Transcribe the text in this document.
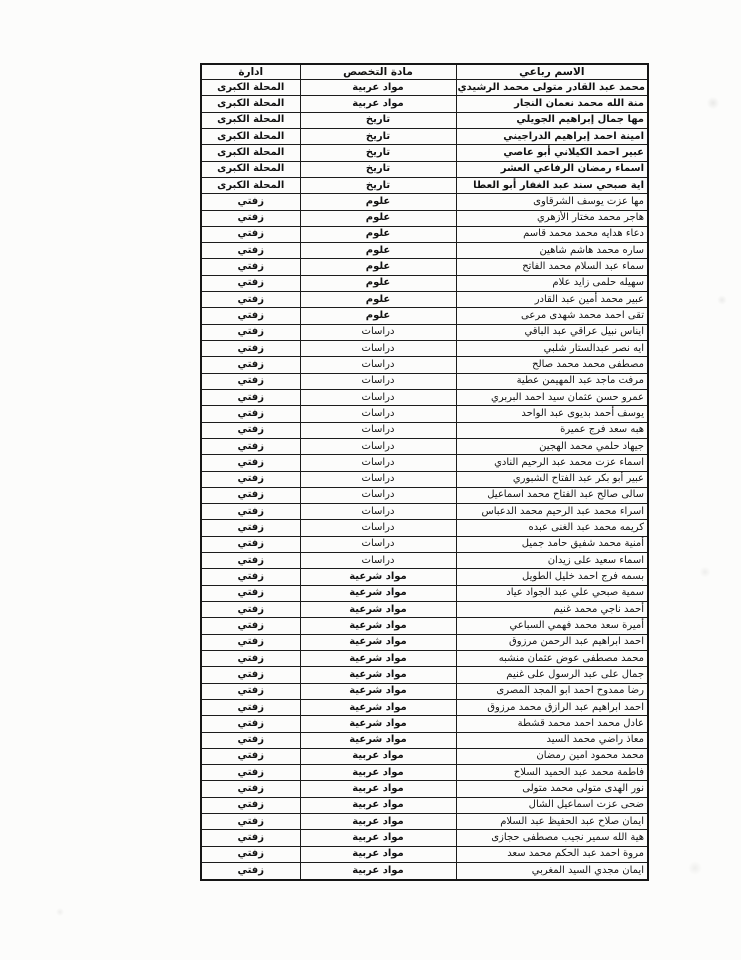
الاسم رباعي	مادة التخصص	ادارة
محمد عبد القادر متولى محمد الرشيدي	مواد عربية	المحلة الكبرى
منة الله محمد نعمان النجار	مواد عربية	المحلة الكبرى
مها جمال إبراهيم الجويلي	تاريخ	المحلة الكبرى
امينة احمد إبراهيم الدراجيني	تاريخ	المحلة الكبرى
عبير احمد الكيلاني أبو عاصي	تاريخ	المحلة الكبرى
اسماء رمضان الرفاعي العشر	تاريخ	المحلة الكبرى
اية صبحي سند عبد الغفار أبو العطا	تاريخ	المحلة الكبرى
مها عزت يوسف الشرقاوى	علوم	زفتي
هاجر محمد مختار الأزهري	علوم	زفتي
دعاء هدايه محمد محمد قاسم	علوم	زفتي
ساره محمد هاشم شاهين	علوم	زفتي
سماء عبد السلام محمد الفاتح	علوم	زفتي
سهيله حلمى زايد علام	علوم	زفتي
عبير محمد أمين عبد القادر	علوم	زفتي
تقى احمد محمد شهدى مرعى	علوم	زفتي
ايناس نبيل عراقي عبد الباقي	دراسات	زفتي
ايه نصر عبدالستار شلبي	دراسات	زفتي
مصطفى محمد محمد صالح	دراسات	زفتي
مرفت ماجد عبد المهيمن عطية	دراسات	زفتي
عمرو حسن عثمان سيد احمد البربري	دراسات	زفتي
يوسف أحمد بديوى عبد الواحد	دراسات	زفتي
هبه سعد فرج عميرة	دراسات	زفتي
جيهاد حلمي محمد الهجين	دراسات	زفتي
اسماء عزت محمد عبد الرحيم النادي	دراسات	زفتي
عبير أبو بكر عبد الفتاح الشبوري	دراسات	زفتي
سالى صالح عبد الفتاح محمد اسماعيل	دراسات	زفتي
اسراء محمد عبد الرحيم محمد الدعباس	دراسات	زفتي
كريمه محمد عبد الغنى عبده	دراسات	زفتي
أمنية محمد شفيق حامد جميل	دراسات	زفتي
اسماء سعيد على زيدان	دراسات	زفتي
بسمه فرج احمد خليل الطويل	مواد شرعية	زفتي
سمية صبحي علي عبد الجواد عياد	مواد شرعية	زفتي
أحمد ناجي محمد غنيم	مواد شرعية	زفتي
أميرة سعد محمد فهمي السباعي	مواد شرعية	زفتي
احمد ابراهيم عبد الرحمن مرزوق	مواد شرعية	زفتي
محمد مصطفى عوض عثمان منشبه	مواد شرعية	زفتي
جمال على عبد الرسول على غنيم	مواد شرعية	زفتي
رضا ممدوح احمد ابو المجد المصرى	مواد شرعية	زفتي
احمد ابراهيم عبد الرازق محمد مرزوق	مواد شرعية	زفتي
عادل محمد احمد محمد قشطة	مواد شرعية	زفتي
معاذ راضي محمد السيد	مواد شرعية	زفتي
محمد محمود امين رمضان	مواد عربية	زفتي
فاطمة محمد عبد الحميد السلاح	مواد عربية	زفتي
نور الهدى متولى محمد متولى	مواد عربية	زفتي
ضحى عزت اسماعيل الشال	مواد عربية	زفتي
ايمان صلاح عبد الحفيظ عبد السلام	مواد عربية	زفتي
هية الله سمير نجيب مصطفى حجازى	مواد عربية	زفتي
مروة احمد عبد الحكم محمد سعد	مواد عربية	زفتي
ايمان مجدي السيد المغربي	مواد عربية	زفتي
